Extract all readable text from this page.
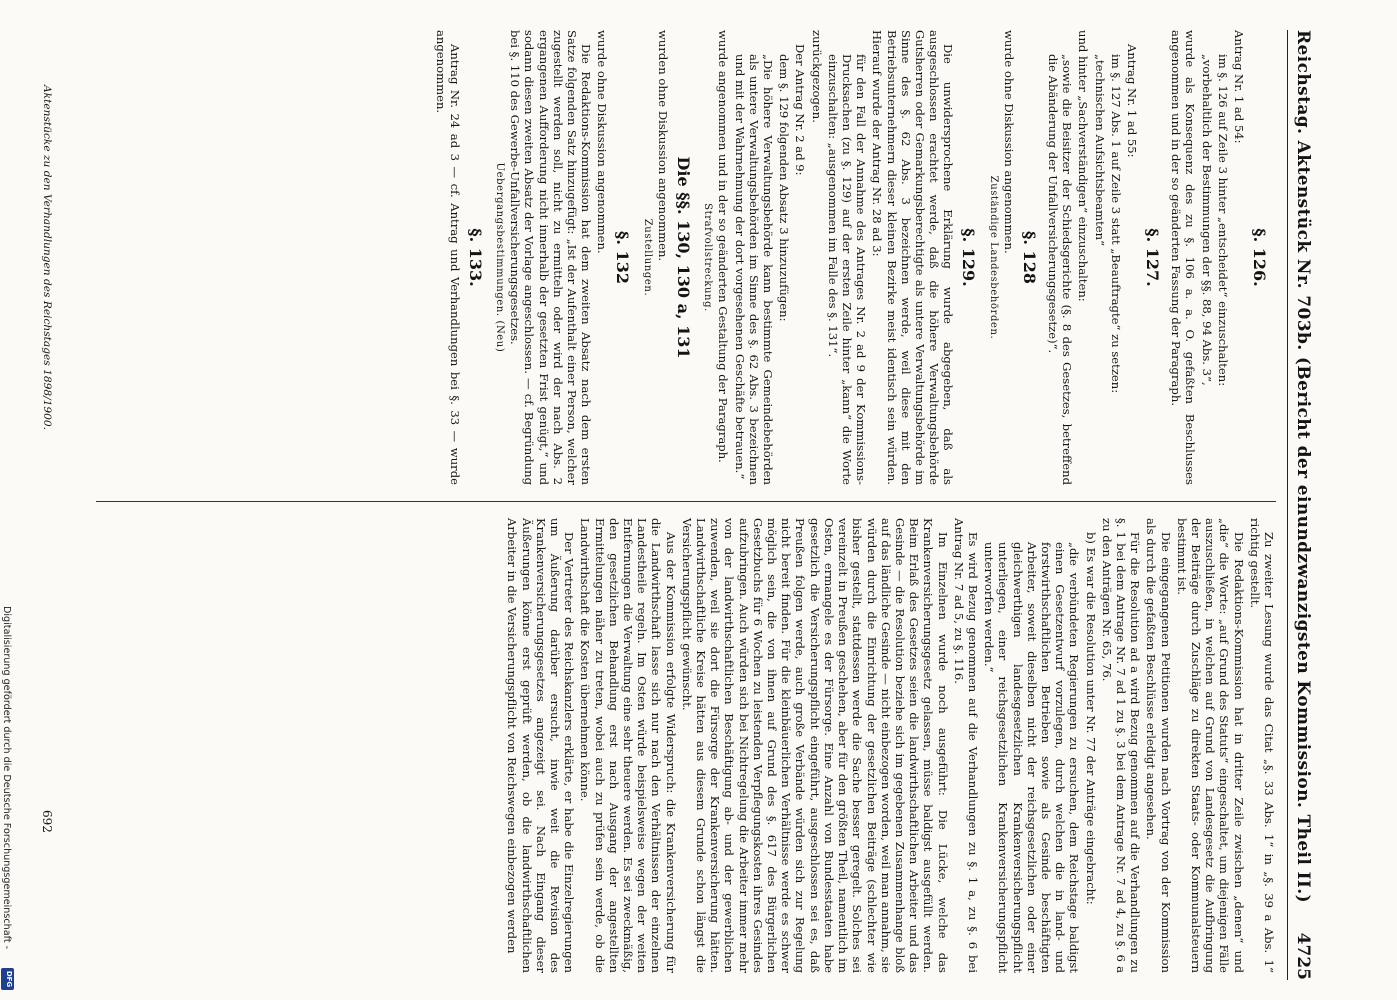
Reichstag. Aktenstück Nr. 703b. (Bericht der einundzwanzigsten Kommission. Theil II.)
4725
§. 126.

Antrag Nr. 1 ad 54:

im §. 126 auf Zeile 3 hinter „entscheidet“ einzuschalten:

„vorbehaltlich der Bestimmungen der §§. 88, 94 Abs. 3“,

wurde als Konsequenz des zu §. 106 a. a. O. gefaßten Beschlusses angenommen und in der so geänderten Fassung der Paragraph.

§. 127.

Antrag Nr. 1 ad 55:

im §. 127 Abs. 1 auf Zeile 3 statt „Beauftragte“ zu setzen:

„technischen Aufsichtsbeamten“

und hinter „Sachverständigen“ einzuschalten:

„sowie die Beisitzer der Schiedsgerichte (§. 8 des Gesetzes, betreffend die Abänderung der Unfallversicherungsgesetze)“.

§. 128

wurde ohne Diskussion angenommen.

Zuständige Landesbehörden.
§. 129.

Die unwidersprochene Erklärung wurde abgegeben, daß als ausgeschlossen erachtet werde, daß die höhere Verwaltungsbehörde Gutsherren oder Gemarkungsberechtigte als untere Verwaltungsbehörde im Sinne des §. 62 Abs. 3 bezeichnen werde, weil diese mit den Betriebsunternehmern dieser kleinen Bezirke meist identisch sein würden. Hierauf wurde der Antrag Nr. 28 ad 3:

für den Fall der Annahme des Antrages Nr. 2 ad 9 der Kommissions-Drucksachen (zu §. 129) auf der ersten Zeile hinter „kann“ die Worte einzuschalten: „ausgenommen im Falle des §. 131“.

zurückgezogen.

Der Antrag Nr. 2 ad 9:

dem §. 129 folgenden Absatz 3 hinzuzufügen:

„Die höhere Verwaltungsbehörde kann bestimmte Gemeindebehörden als untere Verwaltungsbehörden im Sinne des §. 62 Abs. 3 bezeichnen und mit der Wahrnehmung der dort vorgesehenen Geschäfte betrauen.“

wurde angenommen und in der so geänderten Gestaltung der Paragraph.

Strafvollstreckung.
Die §§. 130, 130 a, 131

wurden ohne Diskussion angenommen.

Zustellungen.
§. 132

wurde ohne Diskussion angenommen.

Die Redaktions-Kommission hat dem zweiten Absatz nach dem ersten Satze folgenden Satz hinzugefügt: „Ist der Aufenthalt einer Person, welcher zugestellt werden soll, nicht zu ermitteln oder wird der nach Abs. 2 ergangenen Aufforderung nicht innerhalb der gesetzten Frist genügt,“ und sodann diesen zweiten Absatz der Vorlage angeschlossen. — cf. Begründung bei §. 110 des Gewerbe-Unfallversicherungsgesetzes.

Uebergangsbestimmungen. (Neu)
§. 133.

Antrag Nr. 24 ad 3 — cf. Antrag und Verhandlungen bei §. 33 — wurde angenommen.

Zu zweiter Lesung wurde das Citat „§. 33 Abs. 1“ in „§. 39 a Abs. 1“ richtig gestellt.

Die Redaktions-Kommission hat in dritter Zeile zwischen „denen“ und „die“ die Worte: „auf Grund des Statuts“ eingeschaltet, um diejenigen Fälle auszuschließen, in welchen auf Grund von Landesgesetz die Aufbringung der Beiträge durch Zuschläge zu direkten Staats- oder Kommunalsteuern bestimmt ist.

Die eingegangenen Petitionen wurden nach Vortrag von der Kommission als durch die gefaßten Beschlüsse erledigt angesehen.

Für die Resolution ad a wird Bezug genommen auf die Verhandlungen zu §. 1 bei dem Antrage Nr. 7 ad 1 zu §. 3 bei dem Antrage Nr. 7 ad 4, zu §. 6 a zu den Anträgen Nr. 65, 76.

b) Es war die Resolution unter Nr. 77 der Anträge eingebracht:

„die verbündeten Regierungen zu ersuchen, dem Reichstage baldigst einen Gesetzentwurf vorzulegen, durch welchen die in land- und forstwirthschaftlichen Betrieben sowie als Gesinde beschäftigten Arbeiter, soweit dieselben nicht der reichsgesetzlichen oder einer gleichwerthigen landesgesetzlichen Krankenversicherungspflicht unterliegen, einer reichsgesetzlichen Krankenversicherungspflicht unterworfen werden.“

Es wird Bezug genommen auf die Verhandlungen zu §. 1 a, zu §. 6 bei Antrag Nr. 7 ad 5, zu §. 116.

Im Einzelnen wurde noch ausgeführt: Die Lücke, welche das Krankenversicherungsgesetz gelassen, müsse baldigst ausgefüllt werden. Beim Erlaß des Gesetzes seien die landwirthschaftlichen Arbeiter und das Gesinde — die Resolution beziehe sich im gegebenen Zusammenhange bloß auf das ländliche Gesinde — nicht einbezogen worden, weil man annahm, sie würden durch die Einrichtung der gesetzlichen Beiträge (schlechter wie bisher gestellt, stattdessen werde die Sache besser geregelt. Solches sei vereinzelt in Preußen geschehen, aber für den größten Theil, namentlich im Osten, ermangele es der Fürsorge. Eine Anzahl von Bundesstaaten habe gesetzlich die Versicherungspflicht eingeführt, ausgeschlossen sei es, daß Preußen folgen werde, auch große Verbände würden sich zur Regelung nicht bereit finden. Für die kleinbäuerlichen Verhältnisse werde es schwer möglich sein, die von ihnen auf Grund des §. 617 des Bürgerlichen Gesetzbuchs für 6 Wochen zu leistenden Verpflegungskosten ihres Gesindes aufzubringen. Auch würden sich bei Nichtregelung die Arbeiter immer mehr von der landwirthschaftlichen Beschäftigung ab- und der gewerblichen zuwenden, weil sie dort die Fürsorge der Krankenversicherung hätten. Landwirthschaftliche Kreise hätten aus diesem Grunde schon längst die Versicherungspflicht gewünscht.

Aus der Kommission erfolgte Widerspruch: die Krankenversicherung für die Landwirthschaft lasse sich nur nach den Verhältnissen der einzelnen Landestheile regeln. Im Osten würde beispielsweise wegen der weiten Entfernungen die Verwaltung eine sehr theuere werden. Es sei zweckmäßig, den gesetzlichen Behandlung erst nach Ausgang der angestellten Ermittelungen näher zu treten, wobei auch zu prüfen sein werde, ob die Landwirthschaft die Kosten übernehmen könne.

Der Vertreter des Reichskanzlers erklärte, er habe die Einzelregierungen um Äußerung darüber ersucht, inwie weit die Revision des Krankenversicherungsgesetzes angezeigt sei. Nach Eingang dieser Äußerungen könne erst geprüft werden, ob die landwirthschaftlichen Arbeiter in die Versicherungspflicht von Reichswegen einbezogen werden

Aktenstücke zu den Verhandlungen des Reichstages 1898/1900.
692
Digitalisierung gefördert durch die Deutsche Forschungsgemeinschaft -
DFG
